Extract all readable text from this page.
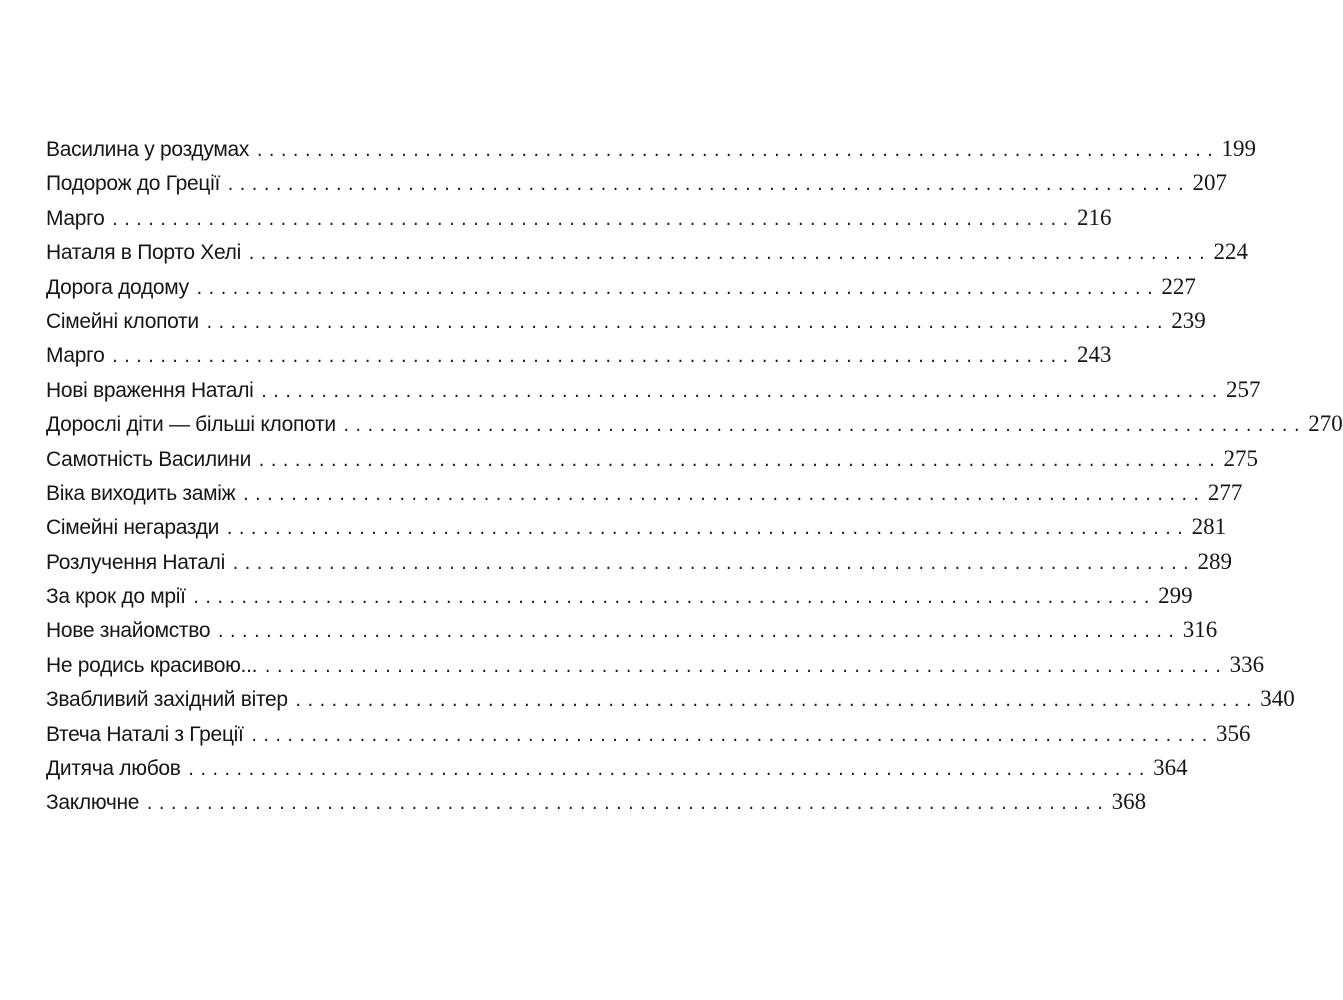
Василина у роздумах ................................................................................ 199
Подорож до Греції ................................................................................ 207
Марго ................................................................................ 216
Наталя в Порто Хелі ................................................................................ 224
Дорога додому ................................................................................ 227
Сімейні клопоти ................................................................................ 239
Марго ................................................................................ 243
Нові враження Наталі ................................................................................ 257
Дорослі діти — більші клопоти ................................................................................ 270
Самотність Василини ................................................................................ 275
Віка виходить заміж ................................................................................ 277
Сімейні негаразди ................................................................................ 281
Розлучення Наталі ................................................................................ 289
За крок до мрії ................................................................................ 299
Нове знайомство ................................................................................ 316
Не родись красивою... ................................................................................ 336
Звабливий західний вітер ................................................................................ 340
Втеча Наталі з Греції ................................................................................ 356
Дитяча любов ................................................................................ 364
Заключне ................................................................................ 368
